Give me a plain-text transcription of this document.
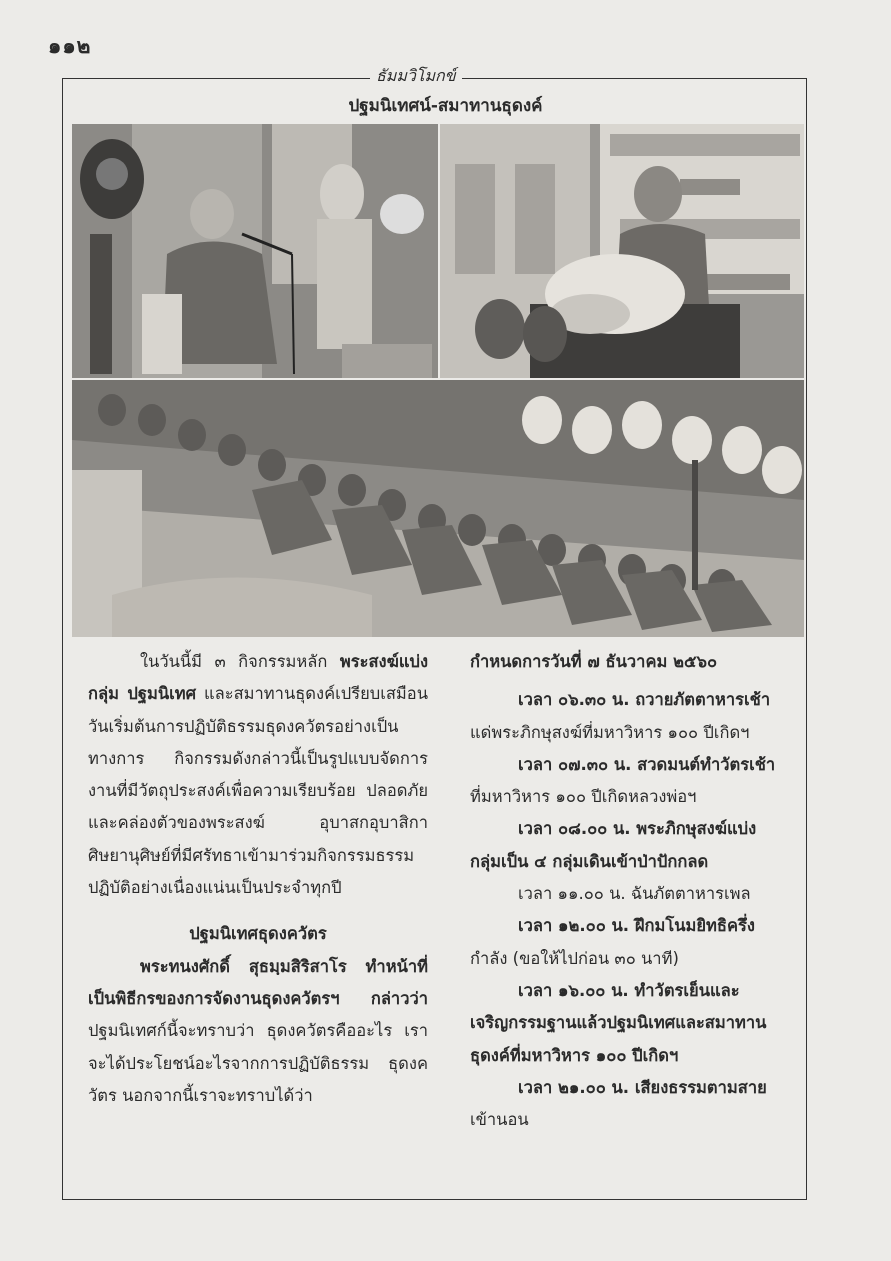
๑๑๒
ธัมมวิโมกข์
ปฐมนิเทศน์-สมาทานธุดงค์

ในวันนี้มี ๓ กิจกรรมหลัก พระสงฆ์แบ่งกลุ่ม ปฐมนิเทศ และสมาทานธุดงค์เปรียบเสมือน วันเริ่มต้นการปฏิบัติธรรมธุดงควัตรอย่างเป็นทางการ กิจกรรมดังกล่าวนี้เป็นรูปแบบจัดการงานที่มีวัตถุประสงค์เพื่อความเรียบร้อย ปลอดภัยและคล่องตัวของพระสงฆ์ อุบาสกอุบาสิกา ศิษยานุศิษย์ที่มีศรัทธาเข้ามาร่วมกิจกรรมธรรมปฏิบัติอย่างเนื่องแน่นเป็นประจำทุกปี

ปฐมนิเทศธุดงควัตร

พระทนงศักดิ์ สุธมฺมสิริสาโร ทำหน้าที่เป็นพิธีกรของการจัดงานธุดงควัตรฯ กล่าวว่า ปฐมนิเทศก์นี้จะทราบว่า ธุดงควัตรคืออะไร เราจะได้ประโยชน์อะไรจากการปฏิบัติธรรม ธุดงควัตร นอกจากนี้เราจะทราบได้ว่า

กำหนดการวันที่ ๗ ธันวาคม ๒๕๖๐
เวลา ๐๖.๓๐ น. ถวายภัตตาหารเช้า
แด่พระภิกษุสงฆ์ที่มหาวิหาร ๑๐๐ ปีเกิดฯ
เวลา ๐๗.๓๐ น. สวดมนต์ทำวัตรเช้า
ที่มหาวิหาร ๑๐๐ ปีเกิดหลวงพ่อฯ
เวลา ๐๘.๐๐ น. พระภิกษุสงฆ์แบ่ง
กลุ่มเป็น ๔ กลุ่มเดินเข้าป่าปักกลด
เวลา ๑๑.๐๐ น. ฉันภัตตาหารเพล
เวลา ๑๒.๐๐ น. ฝึกมโนมยิทธิครึ่ง
กำลัง (ขอให้ไปก่อน ๓๐ นาที)
เวลา ๑๖.๐๐ น. ทำวัตรเย็นและ
เจริญกรรมฐานแล้วปฐมนิเทศและสมาทาน
ธุดงค์ที่มหาวิหาร ๑๐๐ ปีเกิดฯ
เวลา ๒๑.๐๐ น. เสียงธรรมตามสาย
เข้านอน
